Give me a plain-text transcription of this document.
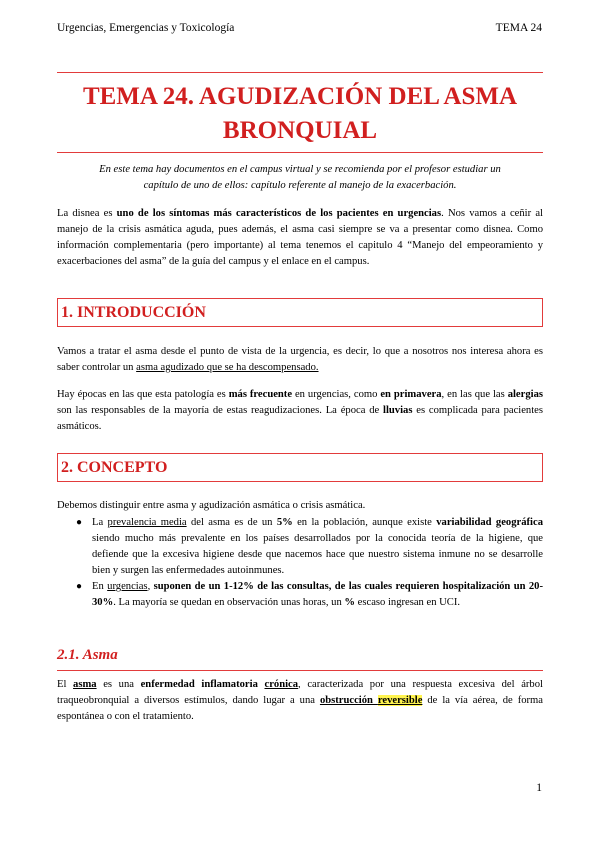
Urgencias, Emergencias y Toxicología	TEMA 24
TEMA 24. AGUDIZACIÓN DEL ASMA
BRONQUIAL
En este tema hay documentos en el campus virtual y se recomienda por el profesor estudiar un
capítulo de uno de ellos: capítulo referente al manejo de la exacerbación.
La disnea es uno de los síntomas más característicos de los pacientes en urgencias. Nos vamos a ceñir al manejo de la crisis asmática aguda, pues además, el asma casi siempre se va a presentar como disnea. Como información complementaria (pero importante) al tema tenemos el capitulo 4 “Manejo del empeoramiento y exacerbaciones del asma” de la guía del campus y el enlace en el campus.
1. INTRODUCCIÓN
Vamos a tratar el asma desde el punto de vista de la urgencia, es decir, lo que a nosotros nos interesa ahora es saber controlar un asma agudizado que se ha descompensado.
Hay épocas en las que esta patología es más frecuente en urgencias, como en primavera, en las que las alergias son las responsables de la mayoría de estas reagudizaciones. La época de lluvias es complicada para pacientes asmáticos.
2. CONCEPTO
Debemos distinguir entre asma y agudización asmática o crisis asmática.
● La prevalencia media del asma es de un 5% en la población, aunque existe variabilidad geográfica siendo mucho más prevalente en los países desarrollados por la conocida teoría de la higiene, que defiende que la excesiva higiene desde que nacemos hace que nuestro sistema inmune no se desarrolle bien y surgen las enfermedades autoinmunes.
● En urgencias, suponen de un 1-12% de las consultas, de las cuales requieren hospitalización un 20-30%. La mayoría se quedan en observación unas horas, un % escaso ingresan en UCI.
2.1. Asma
El asma es una enfermedad inflamatoria crónica, caracterizada por una respuesta excesiva del árbol traqueobronquial a diversos estímulos, dando lugar a una obstrucción reversible de la vía aérea, de forma espontánea o con el tratamiento.
1
